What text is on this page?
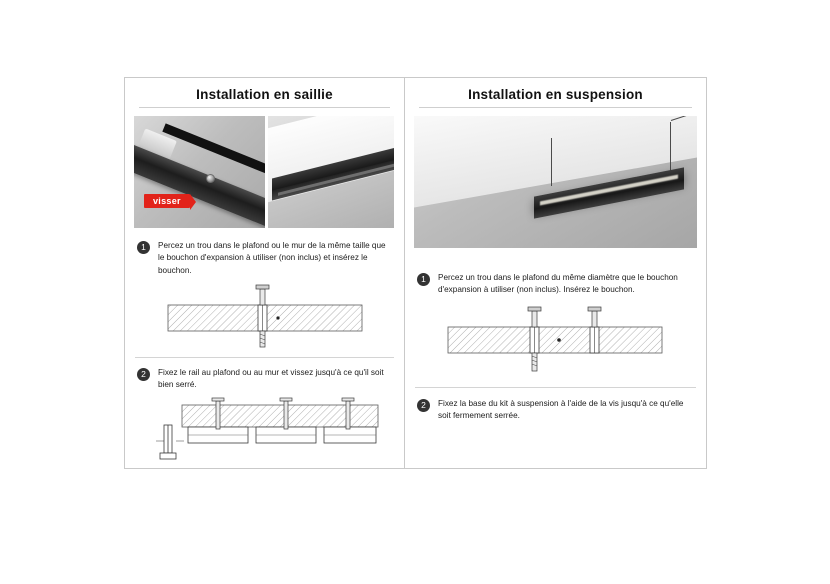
Installation en saillie
visser
1	Percez un trou dans le plafond ou le mur de la même taille que le bouchon d'expansion à utiliser (non inclus) et insérez le bouchon.
2	Fixez le rail au plafond ou au mur et vissez jusqu'à ce qu'il soit bien serré.
Installation en suspension
1	Percez un trou dans le plafond du même diamètre que le bouchon d'expansion à utiliser (non inclus). Insérez le bouchon.
2	Fixez la base du kit à suspension à l'aide de la vis jusqu'à ce qu'elle soit fermement serrée.
